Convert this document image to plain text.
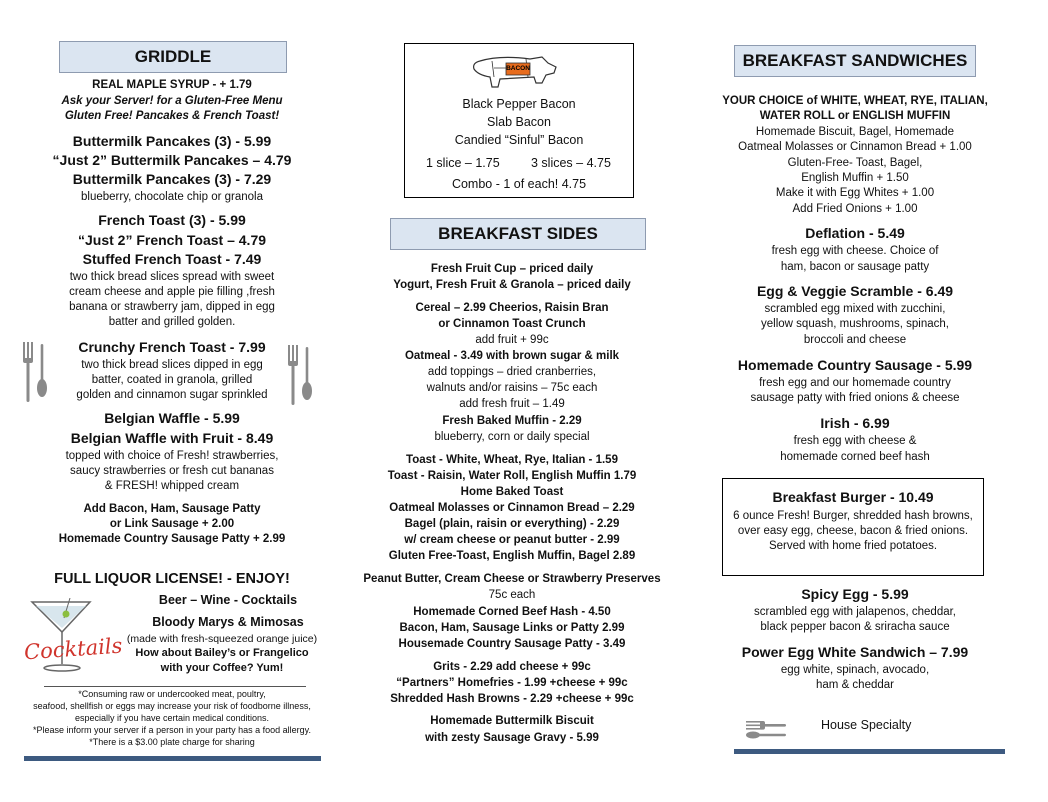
GRIDDLE
REAL MAPLE SYRUP - + 1.79
Ask your Server! for a Gluten-Free Menu
Gluten Free! Pancakes & French Toast!
Buttermilk Pancakes (3) - 5.99
“Just 2” Buttermilk Pancakes – 4.79
Buttermilk Pancakes (3) - 7.29
blueberry, chocolate chip or granola
French Toast (3) - 5.99
“Just 2” French Toast – 4.79
Stuffed French Toast - 7.49
two thick bread slices spread with sweet
cream cheese and apple pie filling ,fresh
banana or strawberry jam, dipped in egg
batter and grilled golden.
Crunchy French Toast - 7.99
two thick bread slices dipped in egg
batter, coated in granola, grilled
golden and cinnamon sugar sprinkled
Belgian Waffle - 5.99
Belgian Waffle with Fruit - 8.49
topped with choice of Fresh! strawberries,
saucy strawberries or fresh cut bananas
& FRESH! whipped cream
Add Bacon, Ham, Sausage Patty
or Link Sausage + 2.00
Homemade Country Sausage Patty + 2.99
FULL LIQUOR LICENSE! - ENJOY!
Beer – Wine - Cocktails
Bloody Marys & Mimosas
(made with fresh-squeezed orange juice)
How about Bailey’s or Frangelico
with your Coffee? Yum!
*Consuming raw or undercooked meat, poultry,
seafood, shellfish or eggs may increase your risk of foodborne illness,
especially if you have certain medical conditions.
*Please inform your server if a person in your party has a food allergy.
*There is a $3.00 plate charge for sharing
Cocktails
BACON
Black Pepper Bacon
Slab Bacon
Candied “Sinful” Bacon
1 slice – 1.75	3 slices – 4.75
Combo - 1 of each! 4.75
BREAKFAST SIDES
Fresh Fruit Cup – priced daily
Yogurt, Fresh Fruit & Granola – priced daily
Cereal – 2.99 Cheerios, Raisin Bran
or Cinnamon Toast Crunch
add fruit + 99c
Oatmeal - 3.49 with brown sugar & milk
add toppings – dried cranberries,
walnuts and/or raisins – 75c each
add fresh fruit – 1.49
Fresh Baked Muffin - 2.29
blueberry, corn or daily special
Toast - White, Wheat, Rye, Italian - 1.59
Toast - Raisin, Water Roll, English Muffin 1.79
Home Baked Toast
Oatmeal Molasses or Cinnamon Bread – 2.29
Bagel (plain, raisin or everything) - 2.29
w/ cream cheese or peanut butter - 2.99
Gluten Free-Toast, English Muffin, Bagel 2.89
Peanut Butter, Cream Cheese or Strawberry Preserves
75c each
Homemade Corned Beef Hash - 4.50
Bacon, Ham, Sausage Links or Patty 2.99
Housemade Country Sausage Patty - 3.49
Grits - 2.29 add cheese + 99c
“Partners” Homefries - 1.99 +cheese + 99c
Shredded Hash Browns - 2.29 +cheese + 99c
Homemade Buttermilk Biscuit
with zesty Sausage Gravy - 5.99
BREAKFAST SANDWICHES
YOUR CHOICE of WHITE, WHEAT, RYE, ITALIAN,
WATER ROLL or ENGLISH MUFFIN
Homemade Biscuit, Bagel, Homemade
Oatmeal Molasses or Cinnamon Bread + 1.00
Gluten-Free- Toast, Bagel,
English Muffin + 1.50
Make it with Egg Whites + 1.00
Add Fried Onions + 1.00
Deflation - 5.49
fresh egg with cheese. Choice of
ham, bacon or sausage patty
Egg & Veggie Scramble - 6.49
scrambled egg mixed with zucchini,
yellow squash, mushrooms, spinach,
broccoli and cheese
Homemade Country Sausage - 5.99
fresh egg and our homemade country
sausage patty with fried onions & cheese
Irish - 6.99
fresh egg with cheese &
homemade corned beef hash
Breakfast Burger - 10.49
6 ounce Fresh! Burger, shredded hash browns,
over easy egg, cheese, bacon & fried onions.
Served with home fried potatoes.
Spicy Egg - 5.99
scrambled egg with jalapenos, cheddar,
black pepper bacon & sriracha sauce
Power Egg White Sandwich – 7.99
egg white, spinach, avocado,
ham & cheddar
House Specialty
